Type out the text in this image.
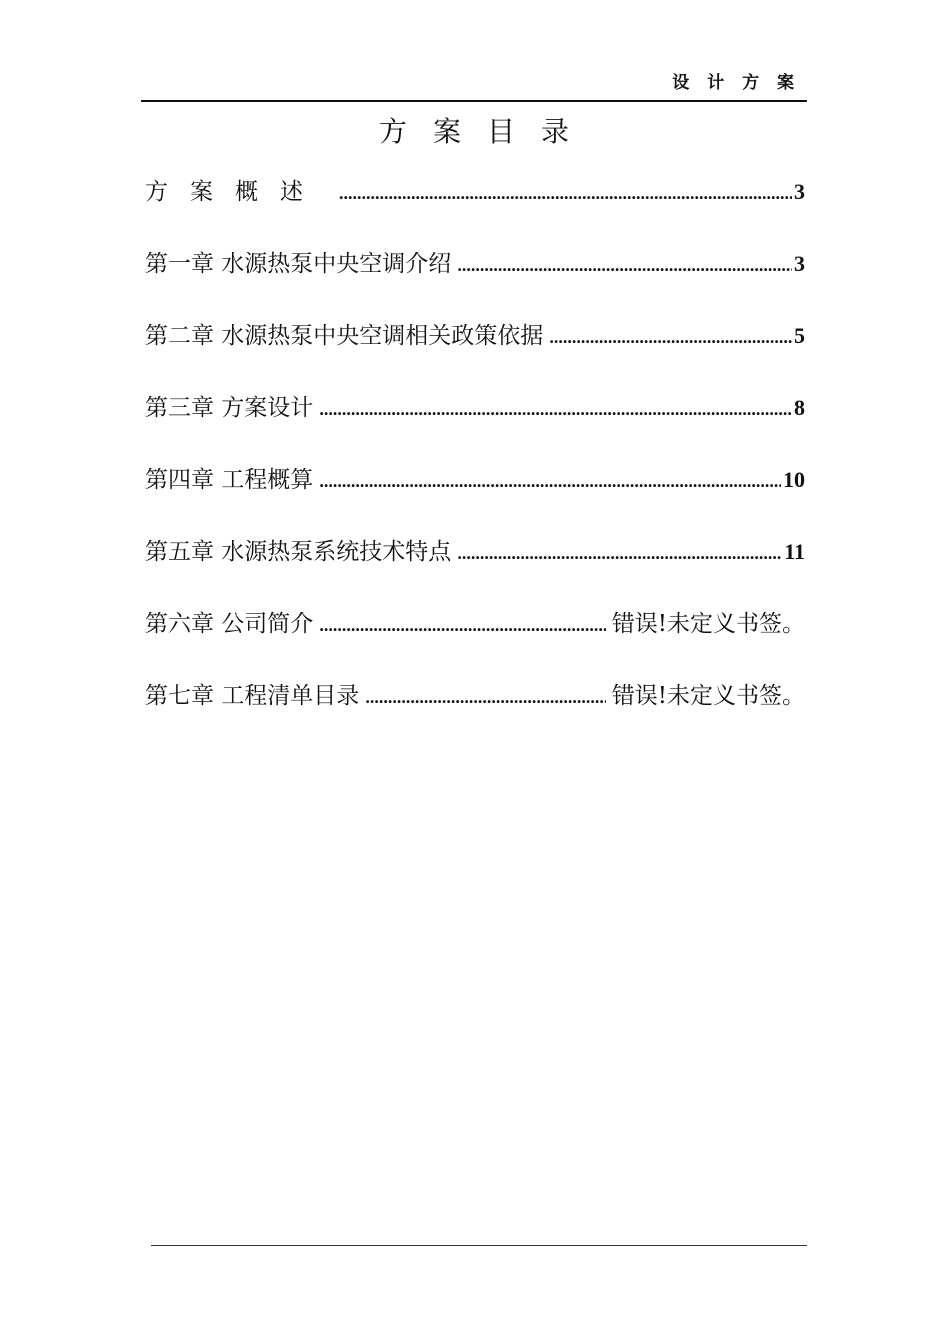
设 计 方 案
方案目录
方案概述 .....	3
第一章 水源热泵中央空调介绍 .....	3
第二章 水源热泵中央空调相关政策依据 .....	5
第三章 方案设计 .....	8
第四章 工程概算 .....	10
第五章 水源热泵系统技术特点 .....	11
第六章 公司简介 .....	错误!未定义书签。
第七章 工程清单目录 .....	错误!未定义书签。
